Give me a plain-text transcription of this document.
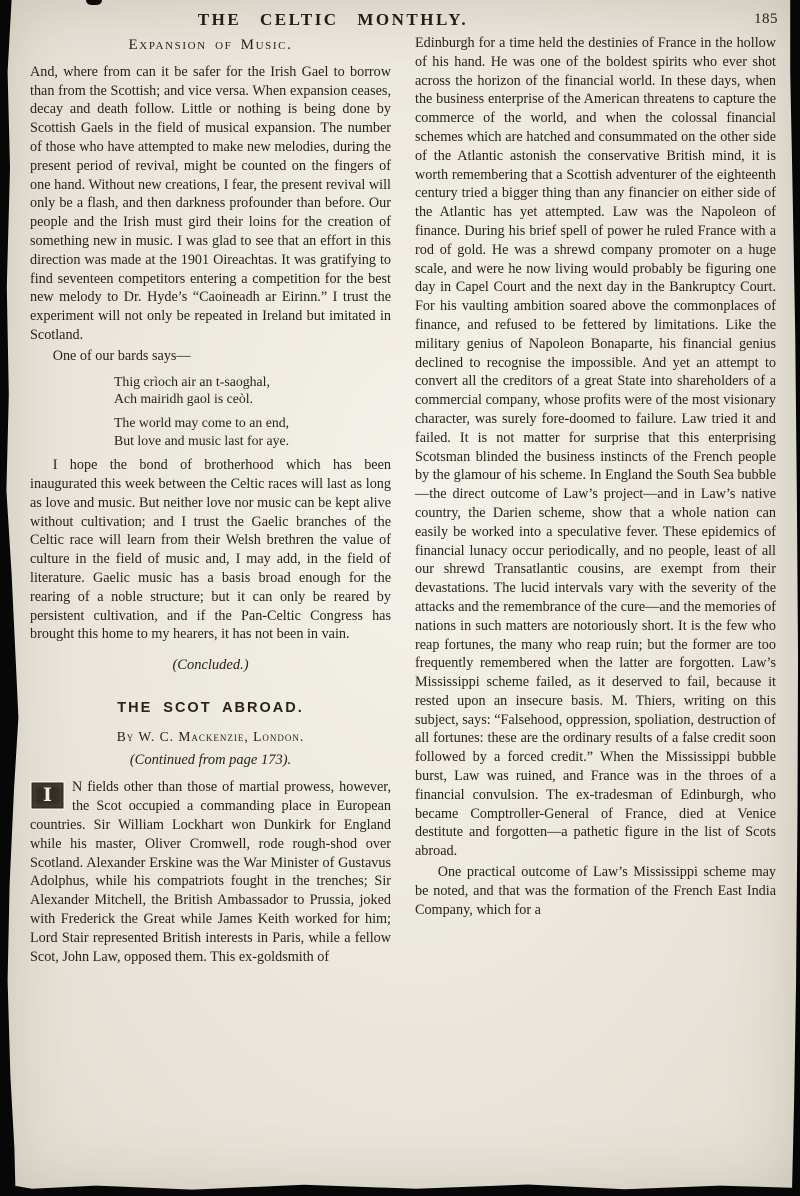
THE CELTIC MONTHLY.	185
Expansion of Music.

And, where from can it be safer for the Irish Gael to borrow than from the Scottish; and vice versa. When expansion ceases, decay and death follow. Little or nothing is being done by Scottish Gaels in the field of musical expansion. The number of those who have attempted to make new melodies, during the present period of revival, might be counted on the fingers of one hand. Without new creations, I fear, the present revival will only be a flash, and then darkness profounder than before. Our people and the Irish must gird their loins for the creation of something new in music. I was glad to see that an effort in this direction was made at the 1901 Oireachtas. It was gratifying to find seventeen competitors entering a competition for the best new melody to Dr. Hyde’s “Caoineadh ar Eirinn.” I trust the experiment will not only be repeated in Ireland but imitated in Scotland.

One of our bards says—

Thig crìoch air an t-saoghal,
Ach mairidh gaol is ceòl.
The world may come to an end,
But love and music last for aye.

I hope the bond of brotherhood which has been inaugurated this week between the Celtic races will last as long as love and music. But neither love nor music can be kept alive without cultivation; and I trust the Gaelic branches of the Celtic race will learn from their Welsh brethren the value of culture in the field of music and, I may add, in the field of literature. Gaelic music has a basis broad enough for the rearing of a noble structure; but it can only be reared by persistent cultivation, and if the Pan-Celtic Congress has brought this home to my hearers, it has not been in vain.

(Concluded.)

THE SCOT ABROAD.
By W. C. Mackenzie, London.
(Continued from page 173).

I	N fields other than those of martial prowess, however, the Scot occupied a commanding place in European countries. Sir William Lockhart won Dunkirk for England while his master, Oliver Cromwell, rode rough-shod over Scotland. Alexander Erskine was the War Minister of Gustavus Adolphus, while his compatriots fought in the trenches; Sir Alexander Mitchell, the British Ambassador to Prussia, joked with Frederick the Great while James Keith worked for him; Lord Stair represented British interests in Paris, while a fellow Scot, John Law, opposed them. This ex-goldsmith of

Edinburgh for a time held the destinies of France in the hollow of his hand. He was one of the boldest spirits who ever shot across the horizon of the financial world. In these days, when the business enterprise of the American threatens to capture the commerce of the world, and when the colossal financial schemes which are hatched and consummated on the other side of the Atlantic astonish the conservative British mind, it is worth remembering that a Scottish adventurer of the eighteenth century tried a bigger thing than any financier on either side of the Atlantic has yet attempted. Law was the Napoleon of finance. During his brief spell of power he ruled France with a rod of gold. He was a shrewd company promoter on a huge scale, and were he now living would probably be figuring one day in Capel Court and the next day in the Bankruptcy Court. For his vaulting ambition soared above the commonplaces of finance, and refused to be fettered by limitations. Like the military genius of Napoleon Bonaparte, his financial genius declined to recognise the impossible. And yet an attempt to convert all the creditors of a great State into shareholders of a commercial company, whose profits were of the most visionary character, was surely fore-doomed to failure. Law tried it and failed. It is not matter for surprise that this enterprising Scotsman blinded the business instincts of the French people by the glamour of his scheme. In England the South Sea bubble—the direct outcome of Law’s project—and in Law’s native country, the Darien scheme, show that a whole nation can easily be worked into a speculative fever. These epidemics of financial lunacy occur periodically, and no people, least of all our shrewd Transatlantic cousins, are exempt from their devastations. The lucid intervals vary with the severity of the attacks and the remembrance of the cure—and the memories of nations in such matters are notoriously short. It is the few who reap fortunes, the many who reap ruin; but the former are too frequently remembered when the latter are forgotten. Law’s Mississippi scheme failed, as it deserved to fail, because it rested upon an insecure basis. M. Thiers, writing on this subject, says: “Falsehood, oppression, spoliation, destruction of all fortunes: these are the ordinary results of a false credit soon followed by a forced credit.” When the Mississippi bubble burst, Law was ruined, and France was in the throes of a financial convulsion. The ex-tradesman of Edinburgh, who became Comptroller-General of France, died at Venice destitute and forgotten—a pathetic figure in the list of Scots abroad.

One practical outcome of Law’s Mississippi scheme may be noted, and that was the formation of the French East India Company, which for a
